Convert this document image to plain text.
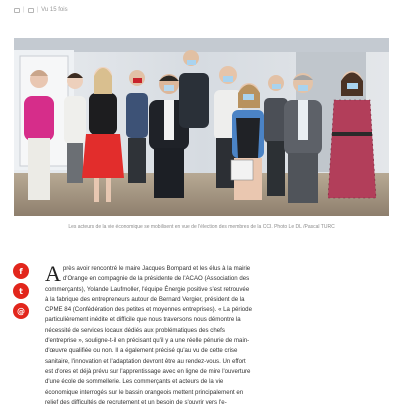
| | Vu 15 fois
Les acteurs de la vie économique se mobilisent en vue de l'élection des membres de la CCI. Photo Le DL /Pascal TURC
f
t
@
A près avoir rencontré le maire Jacques Bompard et les élus à la mairie
d'Orange en compagnie de la présidente de l'ACAO (Association des
commerçants), Yolande Laufmoller, l'équipe Énergie positive s'est retrouvée
à la fabrique des entrepreneurs autour de Bernard Vergier, président de la
CPME 84 (Confédération des petites et moyennes entreprises). « La période
particulièrement inédite et difficile que nous traversons nous démontre la
nécessité de services locaux dédiés aux problématiques des chefs
d'entreprise », souligne-t-il en précisant qu'il y a une réelle pénurie de main-
d'œuvre qualifiée ou non. Il a également précisé qu'au vu de cette crise
sanitaire, l'innovation et l'adaptation devront être au rendez-vous. Un effort
est d'ores et déjà prévu sur l'apprentissage avec en ligne de mire l'ouverture
d'une école de sommellerie. Les commerçants et acteurs de la vie
économique interrogés sur le bassin orangeois mettent principalement en
relief des difficultés de recrutement et un besoin de s'ouvrir vers l'e-
